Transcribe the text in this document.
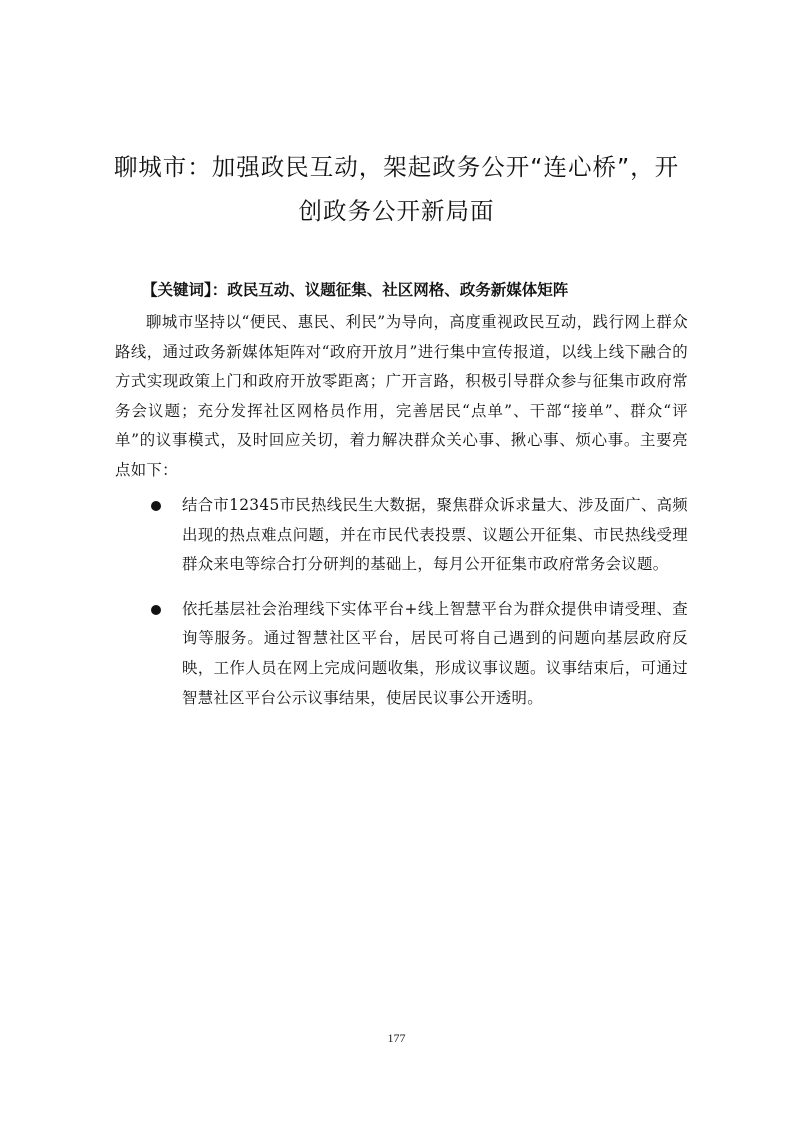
聊城市：加强政民互动，架起政务公开“连心桥”，开创政务公开新局面
【关键词】：政民互动、议题征集、社区网格、政务新媒体矩阵

聊城市坚持以“便民、惠民、利民”为导向，高度重视政民互动，践行网上群众路线，通过政务新媒体矩阵对“政府开放月”进行集中宣传报道，以线上线下融合的方式实现政策上门和政府开放零距离；广开言路，积极引导群众参与征集市政府常务会议题；充分发挥社区网格员作用，完善居民“点单”、干部“接单”、群众“评单”的议事模式，及时回应关切，着力解决群众关心事、揪心事、烦心事。主要亮点如下：

结合市12345市民热线民生大数据，聚焦群众诉求量大、涉及面广、高频出现的热点难点问题，并在市民代表投票、议题公开征集、市民热线受理群众来电等综合打分研判的基础上，每月公开征集市政府常务会议题。
依托基层社会治理线下实体平台+线上智慧平台为群众提供申请受理、查询等服务。通过智慧社区平台，居民可将自己遇到的问题向基层政府反映，工作人员在网上完成问题收集，形成议事议题。议事结束后，可通过智慧社区平台公示议事结果，使居民议事公开透明。
177
